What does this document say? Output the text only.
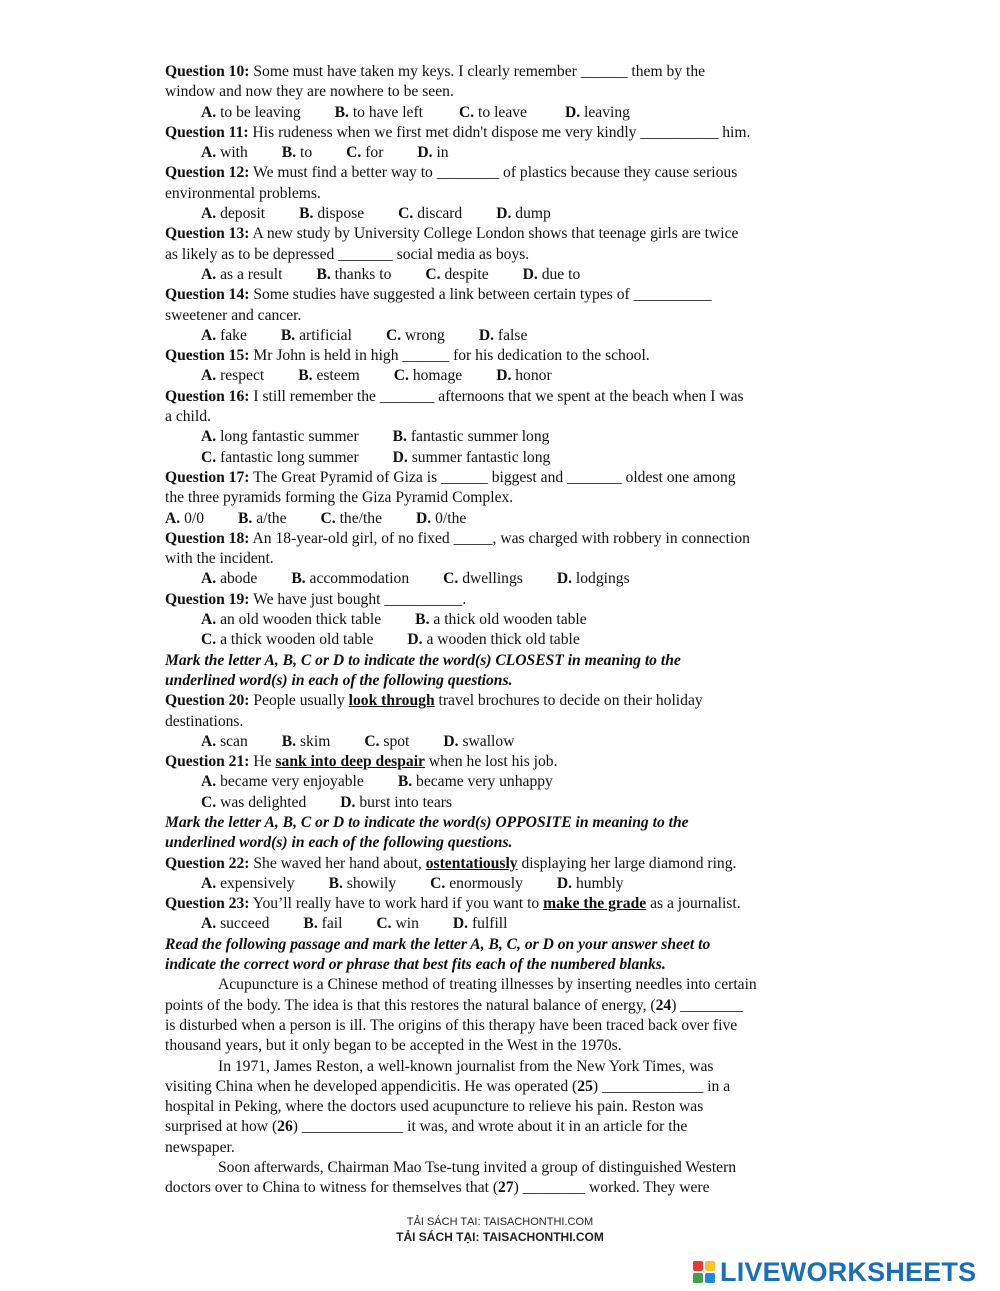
Question 10: Some must have taken my keys. I clearly remember ______ them by the
window and now they are nowhere to be seen.
A. to be leaving B. to have left C. to leave D. leaving
Question 11: His rudeness when we first met didn't dispose me very kindly __________ him.
A. with B. to C. for D. in
Question 12: We must find a better way to ________ of plastics because they cause serious
environmental problems.
A. deposit B. dispose C. discard D. dump
Question 13: A new study by University College London shows that teenage girls are twice
as likely as to be depressed _______ social media as boys.
A. as a result B. thanks to C. despite D. due to
Question 14: Some studies have suggested a link between certain types of __________
sweetener and cancer.
A. fake B. artificial C. wrong D. false
Question 15: Mr John is held in high ______ for his dedication to the school.
A. respect B. esteem C. homage D. honor
Question 16: I still remember the _______ afternoons that we spent at the beach when I was
a child.
A. long fantastic summer B. fantastic summer long
C. fantastic long summer D. summer fantastic long
Question 17: The Great Pyramid of Giza is ______ biggest and _______ oldest one among
the three pyramids forming the Giza Pyramid Complex.
A. 0/0 B. a/the C. the/the D. 0/the
Question 18: An 18-year-old girl, of no fixed _____, was charged with robbery in connection
with the incident.
A. abode B. accommodation C. dwellings D. lodgings
Question 19: We have just bought __________.
A. an old wooden thick table B. a thick old wooden table
C. a thick wooden old table D. a wooden thick old table
Mark the letter A, B, C or D to indicate the word(s) CLOSEST in meaning to the
underlined word(s) in each of the following questions.
Question 20: People usually look through travel brochures to decide on their holiday
destinations.
A. scan B. skim C. spot D. swallow
Question 21: He sank into deep despair when he lost his job.
A. became very enjoyable B. became very unhappy
C. was delighted D. burst into tears
Mark the letter A, B, C or D to indicate the word(s) OPPOSITE in meaning to the
underlined word(s) in each of the following questions.
Question 22: She waved her hand about, ostentatiously displaying her large diamond ring.
A. expensively B. showily C. enormously D. humbly
Question 23: You’ll really have to work hard if you want to make the grade as a journalist.
A. succeed B. fail C. win D. fulfill
Read the following passage and mark the letter A, B, C, or D on your answer sheet to
indicate the correct word or phrase that best fits each of the numbered blanks.
Acupuncture is a Chinese method of treating illnesses by inserting needles into certain
points of the body. The idea is that this restores the natural balance of energy, (24) ________
is disturbed when a person is ill. The origins of this therapy have been traced back over five
thousand years, but it only began to be accepted in the West in the 1970s.
In 1971, James Reston, a well-known journalist from the New York Times, was
visiting China when he developed appendicitis. He was operated (25) _____________ in a
hospital in Peking, where the doctors used acupuncture to relieve his pain. Reston was
surprised at how (26) _____________ it was, and wrote about it in an article for the
newspaper.
Soon afterwards, Chairman Mao Tse-tung invited a group of distinguished Western
doctors over to China to witness for themselves that (27) ________ worked. They were
TẢI SÁCH TẠI: TAISACHONTHI.COM
TẢI SÁCH TẠI: TAISACHONTHI.COM
LIVEWORKSHEETS
